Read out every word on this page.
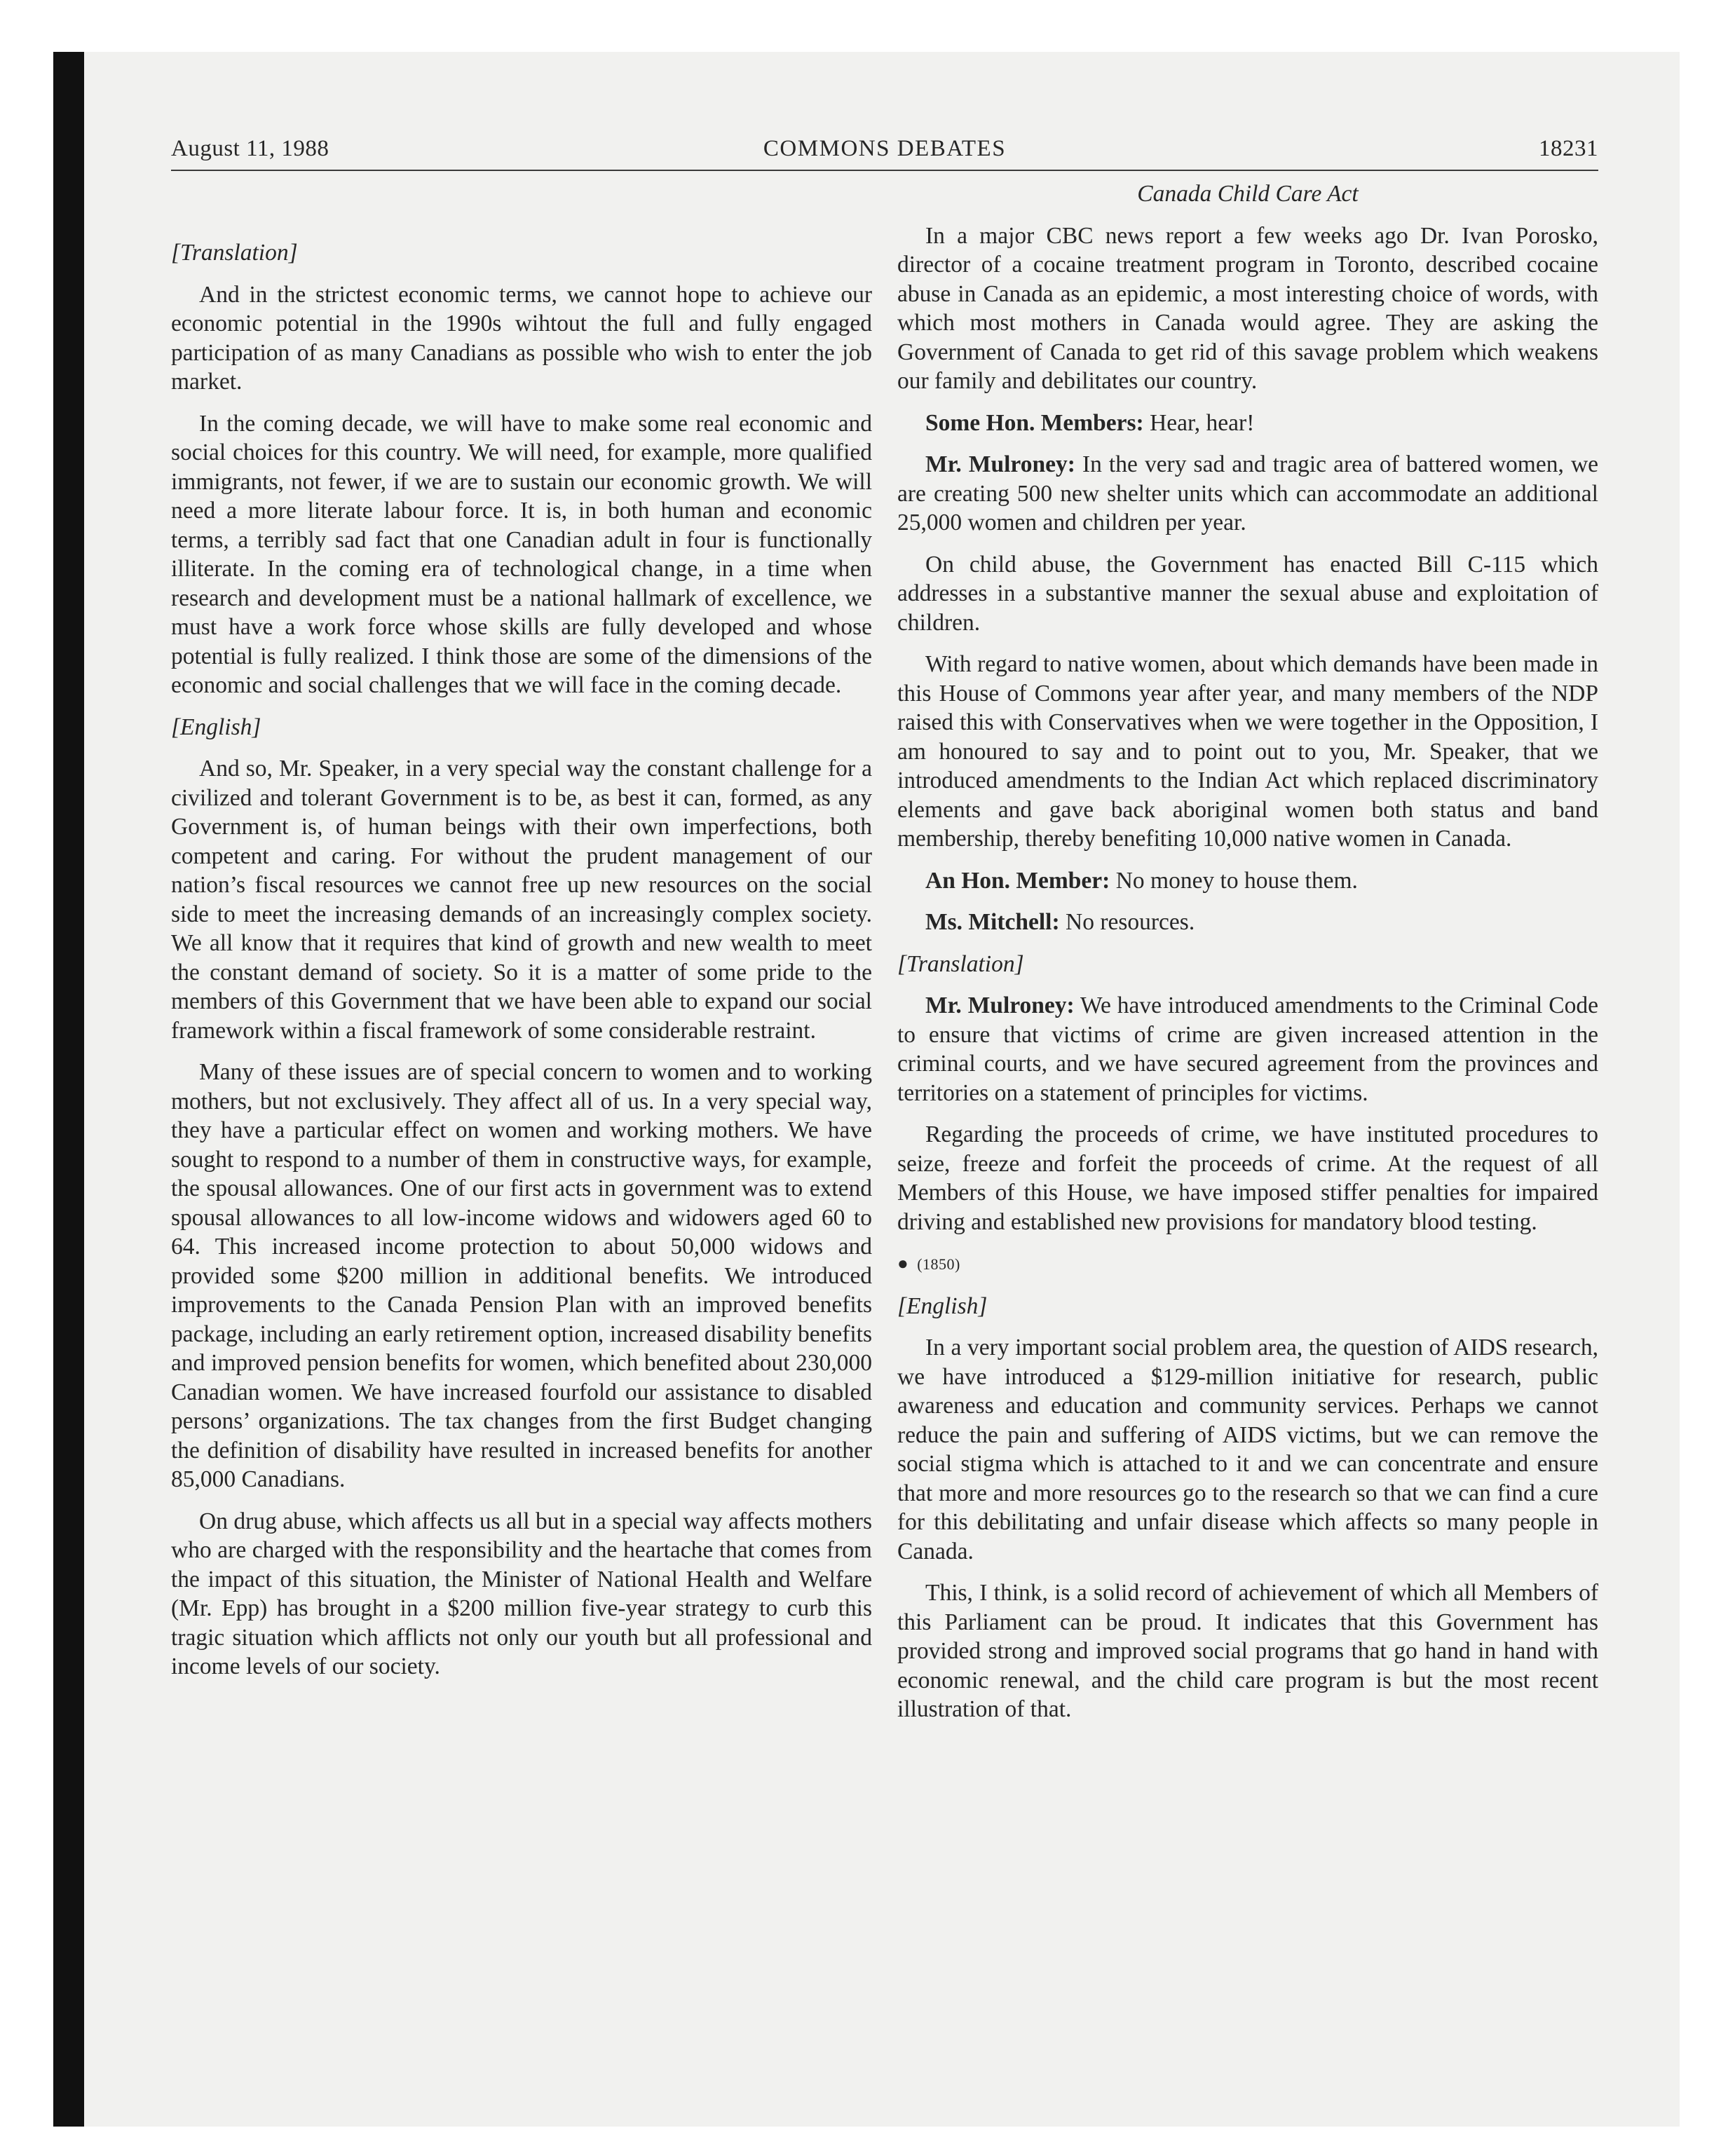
August 11, 1988	COMMONS DEBATES	18231

[Translation]

And in the strictest economic terms, we cannot hope to achieve our economic potential in the 1990s wihtout the full and fully engaged participation of as many Canadians as possible who wish to enter the job market.

In the coming decade, we will have to make some real economic and social choices for this country. We will need, for example, more qualified immigrants, not fewer, if we are to sustain our economic growth. We will need a more literate labour force. It is, in both human and economic terms, a terribly sad fact that one Canadian adult in four is functionally illiterate. In the coming era of technological change, in a time when research and development must be a national hallmark of excellence, we must have a work force whose skills are fully developed and whose potential is fully realized. I think those are some of the dimensions of the economic and social challenges that we will face in the coming decade.

[English]

And so, Mr. Speaker, in a very special way the constant challenge for a civilized and tolerant Government is to be, as best it can, formed, as any Government is, of human beings with their own imperfections, both competent and caring. For without the prudent management of our nation’s fiscal resources we cannot free up new resources on the social side to meet the increasing demands of an increasingly complex society. We all know that it requires that kind of growth and new wealth to meet the constant demand of society. So it is a matter of some pride to the members of this Government that we have been able to expand our social framework within a fiscal framework of some considerable restraint.

Many of these issues are of special concern to women and to working mothers, but not exclusively. They affect all of us. In a very special way, they have a particular effect on women and working mothers. We have sought to respond to a number of them in constructive ways, for example, the spousal allowances. One of our first acts in government was to extend spousal allowances to all low-income widows and widowers aged 60 to 64. This increased income protection to about 50,000 widows and provided some $200 million in additional benefits. We introduced improvements to the Canada Pension Plan with an improved benefits package, including an early retirement option, increased disability benefits and improved pension benefits for women, which benefited about 230,000 Canadian women. We have increased fourfold our assistance to disabled persons’ organizations. The tax changes from the first Budget changing the definition of disability have resulted in increased benefits for another 85,000 Canadians.

On drug abuse, which affects us all but in a special way affects mothers who are charged with the responsibility and the heartache that comes from the impact of this situation, the Minister of National Health and Welfare (Mr. Epp) has brought in a $200 million five-year strategy to curb this tragic situation which afflicts not only our youth but all professional and income levels of our society.

Canada Child Care Act

In a major CBC news report a few weeks ago Dr. Ivan Porosko, director of a cocaine treatment program in Toronto, described cocaine abuse in Canada as an epidemic, a most interesting choice of words, with which most mothers in Canada would agree. They are asking the Government of Canada to get rid of this savage problem which weakens our family and debilitates our country.

Some Hon. Members: Hear, hear!

Mr. Mulroney: In the very sad and tragic area of battered women, we are creating 500 new shelter units which can accommodate an additional 25,000 women and children per year.

On child abuse, the Government has enacted Bill C-115 which addresses in a substantive manner the sexual abuse and exploitation of children.

With regard to native women, about which demands have been made in this House of Commons year after year, and many members of the NDP raised this with Conservatives when we were together in the Opposition, I am honoured to say and to point out to you, Mr. Speaker, that we introduced amendments to the Indian Act which replaced discriminatory elements and gave back aboriginal women both status and band membership, thereby benefiting 10,000 native women in Canada.

An Hon. Member: No money to house them.

Ms. Mitchell: No resources.

[Translation]

Mr. Mulroney: We have introduced amendments to the Criminal Code to ensure that victims of crime are given increased attention in the criminal courts, and we have secured agreement from the provinces and territories on a statement of principles for victims.

Regarding the proceeds of crime, we have instituted procedures to seize, freeze and forfeit the proceeds of crime. At the request of all Members of this House, we have imposed stiffer penalties for impaired driving and established new provisions for mandatory blood testing.

● (1850)

[English]

In a very important social problem area, the question of AIDS research, we have introduced a $129-million initiative for research, public awareness and education and community services. Perhaps we cannot reduce the pain and suffering of AIDS victims, but we can remove the social stigma which is attached to it and we can concentrate and ensure that more and more resources go to the research so that we can find a cure for this debilitating and unfair disease which affects so many people in Canada.

This, I think, is a solid record of achievement of which all Members of this Parliament can be proud. It indicates that this Government has provided strong and improved social programs that go hand in hand with economic renewal, and the child care program is but the most recent illustration of that.
